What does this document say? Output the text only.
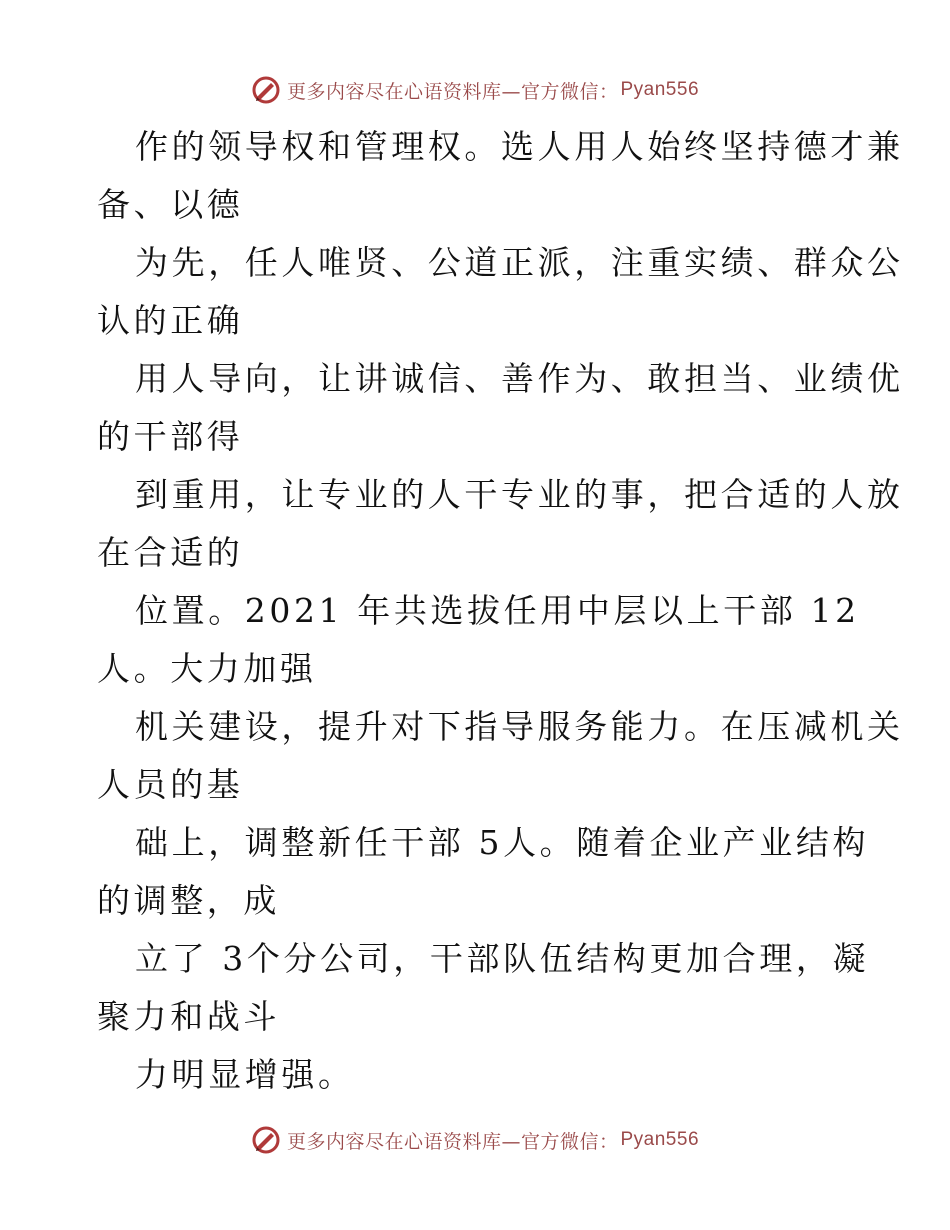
更多内容尽在心语资料库—官方微信： Pyan556
作的领导权和管理权。选人用人始终坚持德才兼
备、以德
为先，任人唯贤、公道正派，注重实绩、群众公
认的正确
用人导向，让讲诚信、善作为、敢担当、业绩优
的干部得
到重用，让专业的人干专业的事，把合适的人放
在合适的
位置。2021 年共选拔任用中层以上干部 12
人。大力加强
机关建设，提升对下指导服务能力。在压减机关
人员的基
础上，调整新任干部 5人。随着企业产业结构
的调整，成
立了 3个分公司，干部队伍结构更加合理，凝
聚力和战斗
力明显增强。
更多内容尽在心语资料库—官方微信： Pyan556
